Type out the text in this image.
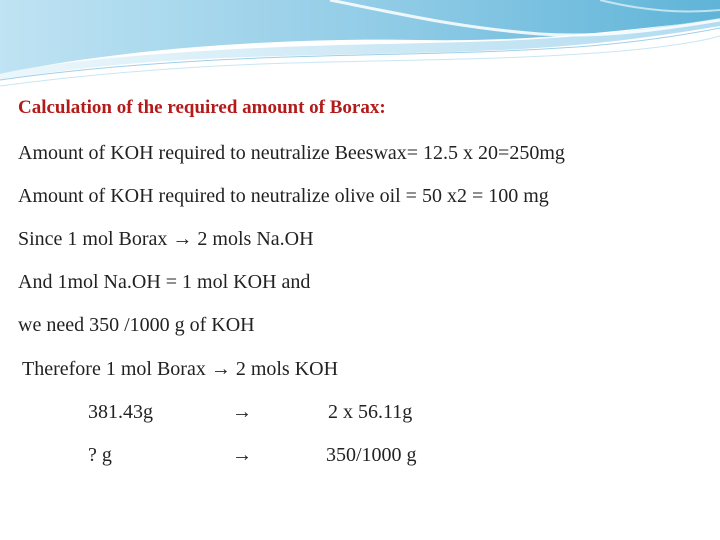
Calculation of the required amount of Borax:

Amount of KOH required to neutralize Beeswax= 12.5 x 20=250mg

Amount of KOH required to neutralize olive oil = 50 x2 = 100 mg

Since 1 mol Borax → 2 mols Na.OH

And 1mol Na.OH = 1 mol KOH and

we need 350 /1000 g of KOH

Therefore 1 mol Borax → 2 mols KOH

381.43g	→	2 x 56.11g

? g	→	350/1000 g
